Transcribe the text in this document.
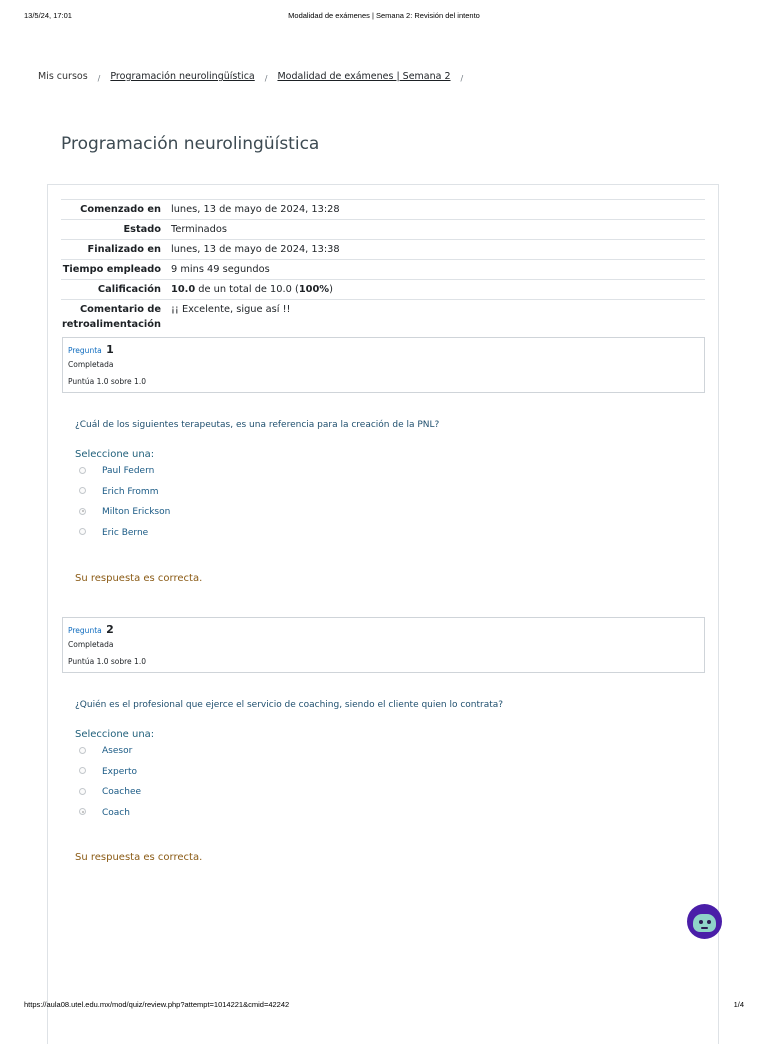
13/5/24, 17:01	Modalidad de exámenes | Semana 2: Revisión del intento
Mis cursos / Programación neurolingüística / Modalidad de exámenes | Semana 2 /
Programación neurolingüística
Comenzado en	lunes, 13 de mayo de 2024, 13:28
Estado	Terminados
Finalizado en	lunes, 13 de mayo de 2024, 13:38
Tiempo empleado	9 mins 49 segundos
Calificación	10.0 de un total de 10.0 (100%)
Comentario de retroalimentación	¡¡ Excelente, sigue así !!
Pregunta 1
Completada
Puntúa 1.0 sobre 1.0
¿Cuál de los siguientes terapeutas, es una referencia para la creación de la PNL?
Seleccione una:
Paul Federn
Erich Fromm
Milton Erickson
Eric Berne
Su respuesta es correcta.
Pregunta 2
Completada
Puntúa 1.0 sobre 1.0
¿Quién es el profesional que ejerce el servicio de coaching, siendo el cliente quien lo contrata?
Seleccione una:
Asesor
Experto
Coachee
Coach
Su respuesta es correcta.
https://aula08.utel.edu.mx/mod/quiz/review.php?attempt=1014221&cmid=42242	1/4
